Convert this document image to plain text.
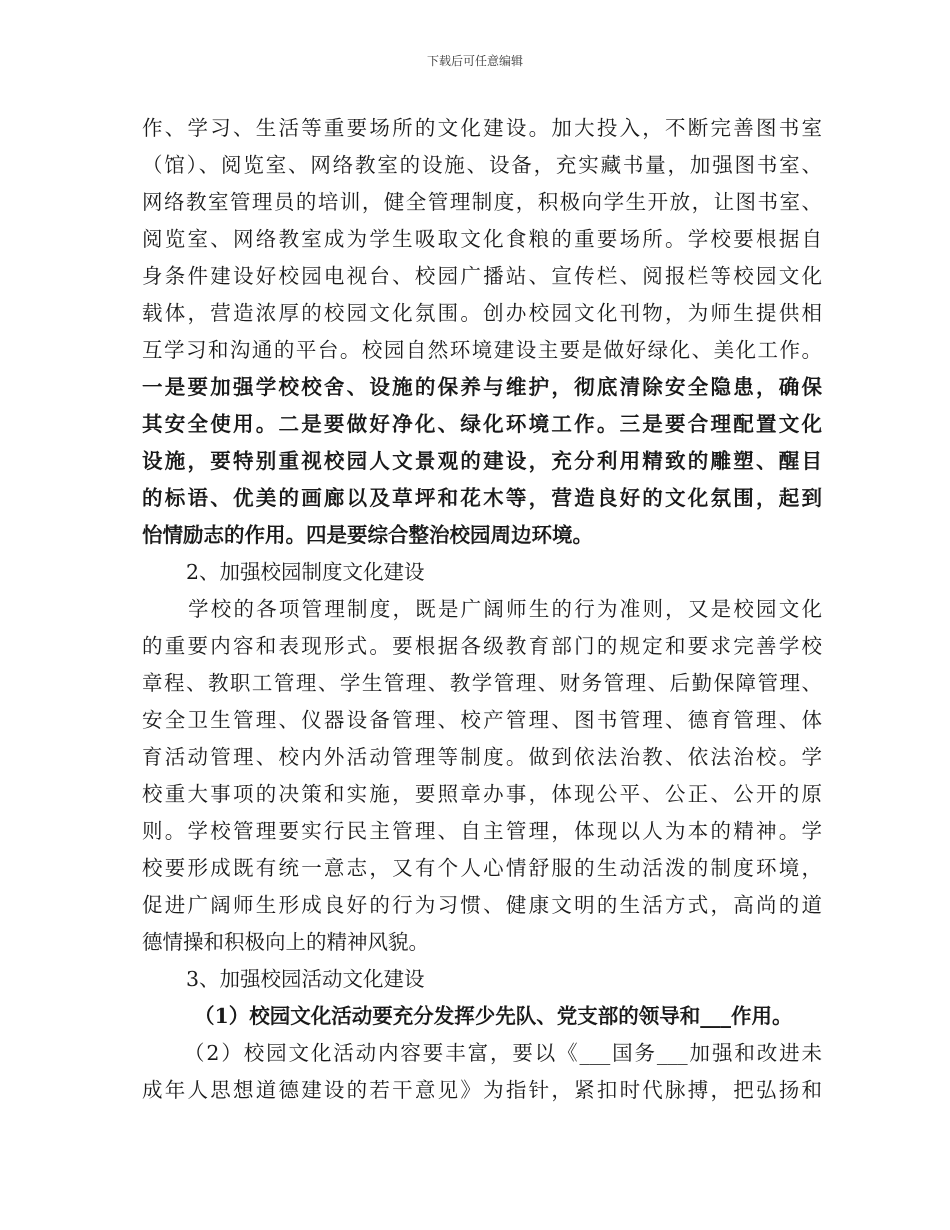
下载后可任意编辑
作、学习、生活等重要场所的文化建设。加大投入，不断完善图书室
（馆）、阅览室、网络教室的设施、设备，充实藏书量，加强图书室、
网络教室管理员的培训，健全管理制度，积极向学生开放，让图书室、
阅览室、网络教室成为学生吸取文化食粮的重要场所。学校要根据自
身条件建设好校园电视台、校园广播站、宣传栏、阅报栏等校园文化
载体，营造浓厚的校园文化氛围。创办校园文化刊物，为师生提供相
互学习和沟通的平台。校园自然环境建设主要是做好绿化、美化工作。
一是要加强学校校舍、设施的保养与维护，彻底清除安全隐患，确保
其安全使用。二是要做好净化、绿化环境工作。三是要合理配置文化
设施，要特别重视校园人文景观的建设，充分利用精致的雕塑、醒目
的标语、优美的画廊以及草坪和花木等，营造良好的文化氛围，起到
怡情励志的作用。四是要综合整治校园周边环境。
2、加强校园制度文化建设
学校的各项管理制度，既是广阔师生的行为准则，又是校园文化
的重要内容和表现形式。要根据各级教育部门的规定和要求完善学校
章程、教职工管理、学生管理、教学管理、财务管理、后勤保障管理、
安全卫生管理、仪器设备管理、校产管理、图书管理、德育管理、体
育活动管理、校内外活动管理等制度。做到依法治教、依法治校。学
校重大事项的决策和实施，要照章办事，体现公平、公正、公开的原
则。学校管理要实行民主管理、自主管理，体现以人为本的精神。学
校要形成既有统一意志，又有个人心情舒服的生动活泼的制度环境，
促进广阔师生形成良好的行为习惯、健康文明的生活方式，高尚的道
德情操和积极向上的精神风貌。
3、加强校园活动文化建设
（1）校园文化活动要充分发挥少先队、党支部的领导和___作用。
（2）校园文化活动内容要丰富，要以《___国务___加强和改进未
成年人思想道德建设的若干意见》为指针，紧扣时代脉搏，把弘扬和
